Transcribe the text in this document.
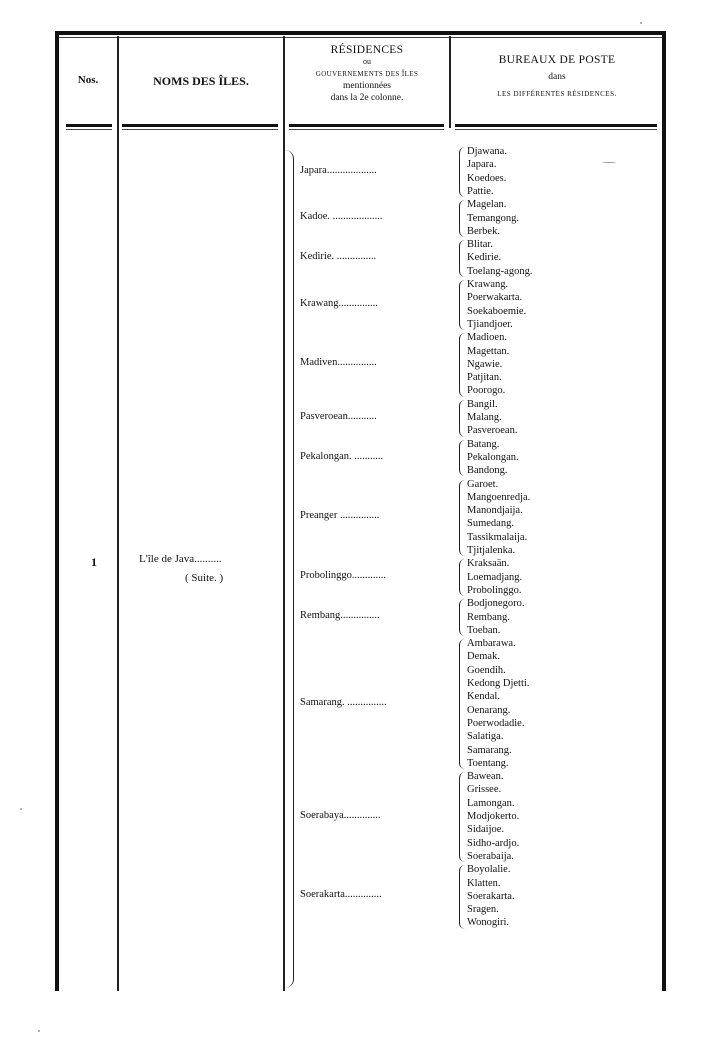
Nos.	NOMS DES ÎLES.
RÉSIDENCES
ou
GOUVERNEMENTS DES ÎLES
mentionnées
dans la 2e colonne.
BUREAUX DE POSTE
dans
LES DIFFÉRENTES RÉSIDENCES.
1	L'île de Java..........
( Suite. )
Japara...................
Djawana.
Japara.
Koedoes.
Pattie.
Kadoe. ...................
Magelan.
Temangong.
Berbek.
Kedirie. ...............
Blitar.
Kedirie.
Toelang-agong.
Krawang...............
Krawang.
Poerwakarta.
Soekaboemie.
Tjiandjoer.
Madiven...............
Madioen.
Magettan.
Ngawie.
Patjitan.
Poorogo.
Pasveroean...........
Bangil.
Malang.
Pasveroean.
Pekalongan. ...........
Batang.
Pekalongan.
Bandong.
Preanger ...............
Garoet.
Mangoenredja.
Manondjaija.
Sumedang.
Tassikmalaija.
Tjitjalenka.
Probolinggo.............
Kraksaän.
Loemadjang.
Probolinggo.
Rembang...............
Bodjonegoro.
Rembang.
Toeban.
Samarang. ...............
Ambarawa.
Demak.
Goendih.
Kedong Djetti.
Kendal.
Oenarang.
Poerwodadie.
Salatiga.
Samarang.
Toentang.
Soerabaya..............
Bawean.
Grissee.
Lamongan.
Modjokerto.
Sidaijoe.
Sidho-ardjo.
Soerabaija.
Soerakarta..............
Boyolalie.
Klatten.
Soerakarta.
Sragen.
Wonogiri.
